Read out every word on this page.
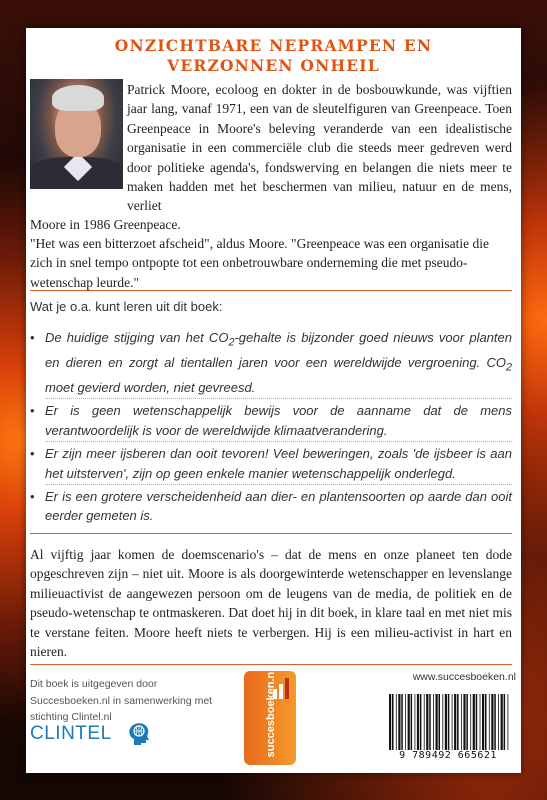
ONZICHTBARE NEPRAMPEN EN
VERZONNEN ONHEIL

Patrick Moore, ecoloog en dokter in de bosbouwkunde, was vijftien jaar lang, vanaf 1971, een van de sleutelfiguren van Greenpeace. Toen Greenpeace in Moore's beleving veranderde van een idealistische organisatie in een commerciële club die steeds meer gedreven werd door politieke agenda's, fondswerving en belangen die niets meer te maken hadden met het beschermen van milieu, natuur en de mens, verliet

Moore in 1986 Greenpeace.

"Het was een bitterzoet afscheid", aldus Moore. "Greenpeace was een organisatie die zich in snel tempo ontpopte tot een onbetrouwbare onderneming die met pseudo-wetenschap leurde."

Wat je o.a. kunt leren uit dit boek:

• De huidige stijging van het $CO_2$-gehalte is bijzonder goed nieuws voor planten en dieren en zorgt al tientallen jaren voor een wereldwijde vergroening. $CO_2$ moet gevierd worden, niet gevreesd.
• Er is geen wetenschappelijk bewijs voor de aanname dat de mens verantwoordelijk is voor de wereldwijde klimaatverandering.
• Er zijn meer ijsberen dan ooit tevoren! Veel beweringen, zoals 'de ijsbeer is aan het uitsterven', zijn op geen enkele manier wetenschappelijk onderlegd.
• Er is een grotere verscheidenheid aan dier- en plantensoorten op aarde dan ooit eerder gemeten is.

Al vijftig jaar komen de doemscenario's – dat de mens en onze planeet ten dode opgeschreven zijn – niet uit. Moore is als doorgewinterde wetenschapper en levenslange milieuactivist de aangewezen persoon om de leugens van de media, de politiek en de pseudo-wetenschap te ontmaskeren. Dat doet hij in dit boek, in klare taal en met niet mis te verstane feiten. Moore heeft niets te verbergen. Hij is een milieu-activist in hart en nieren.

Dit boek is uitgegeven door Succesboeken.nl in samenwerking met stichting Clintel.nl

CLINTEL	succesboeken.nl	www.succesboeken.nl

9 789492 665621
